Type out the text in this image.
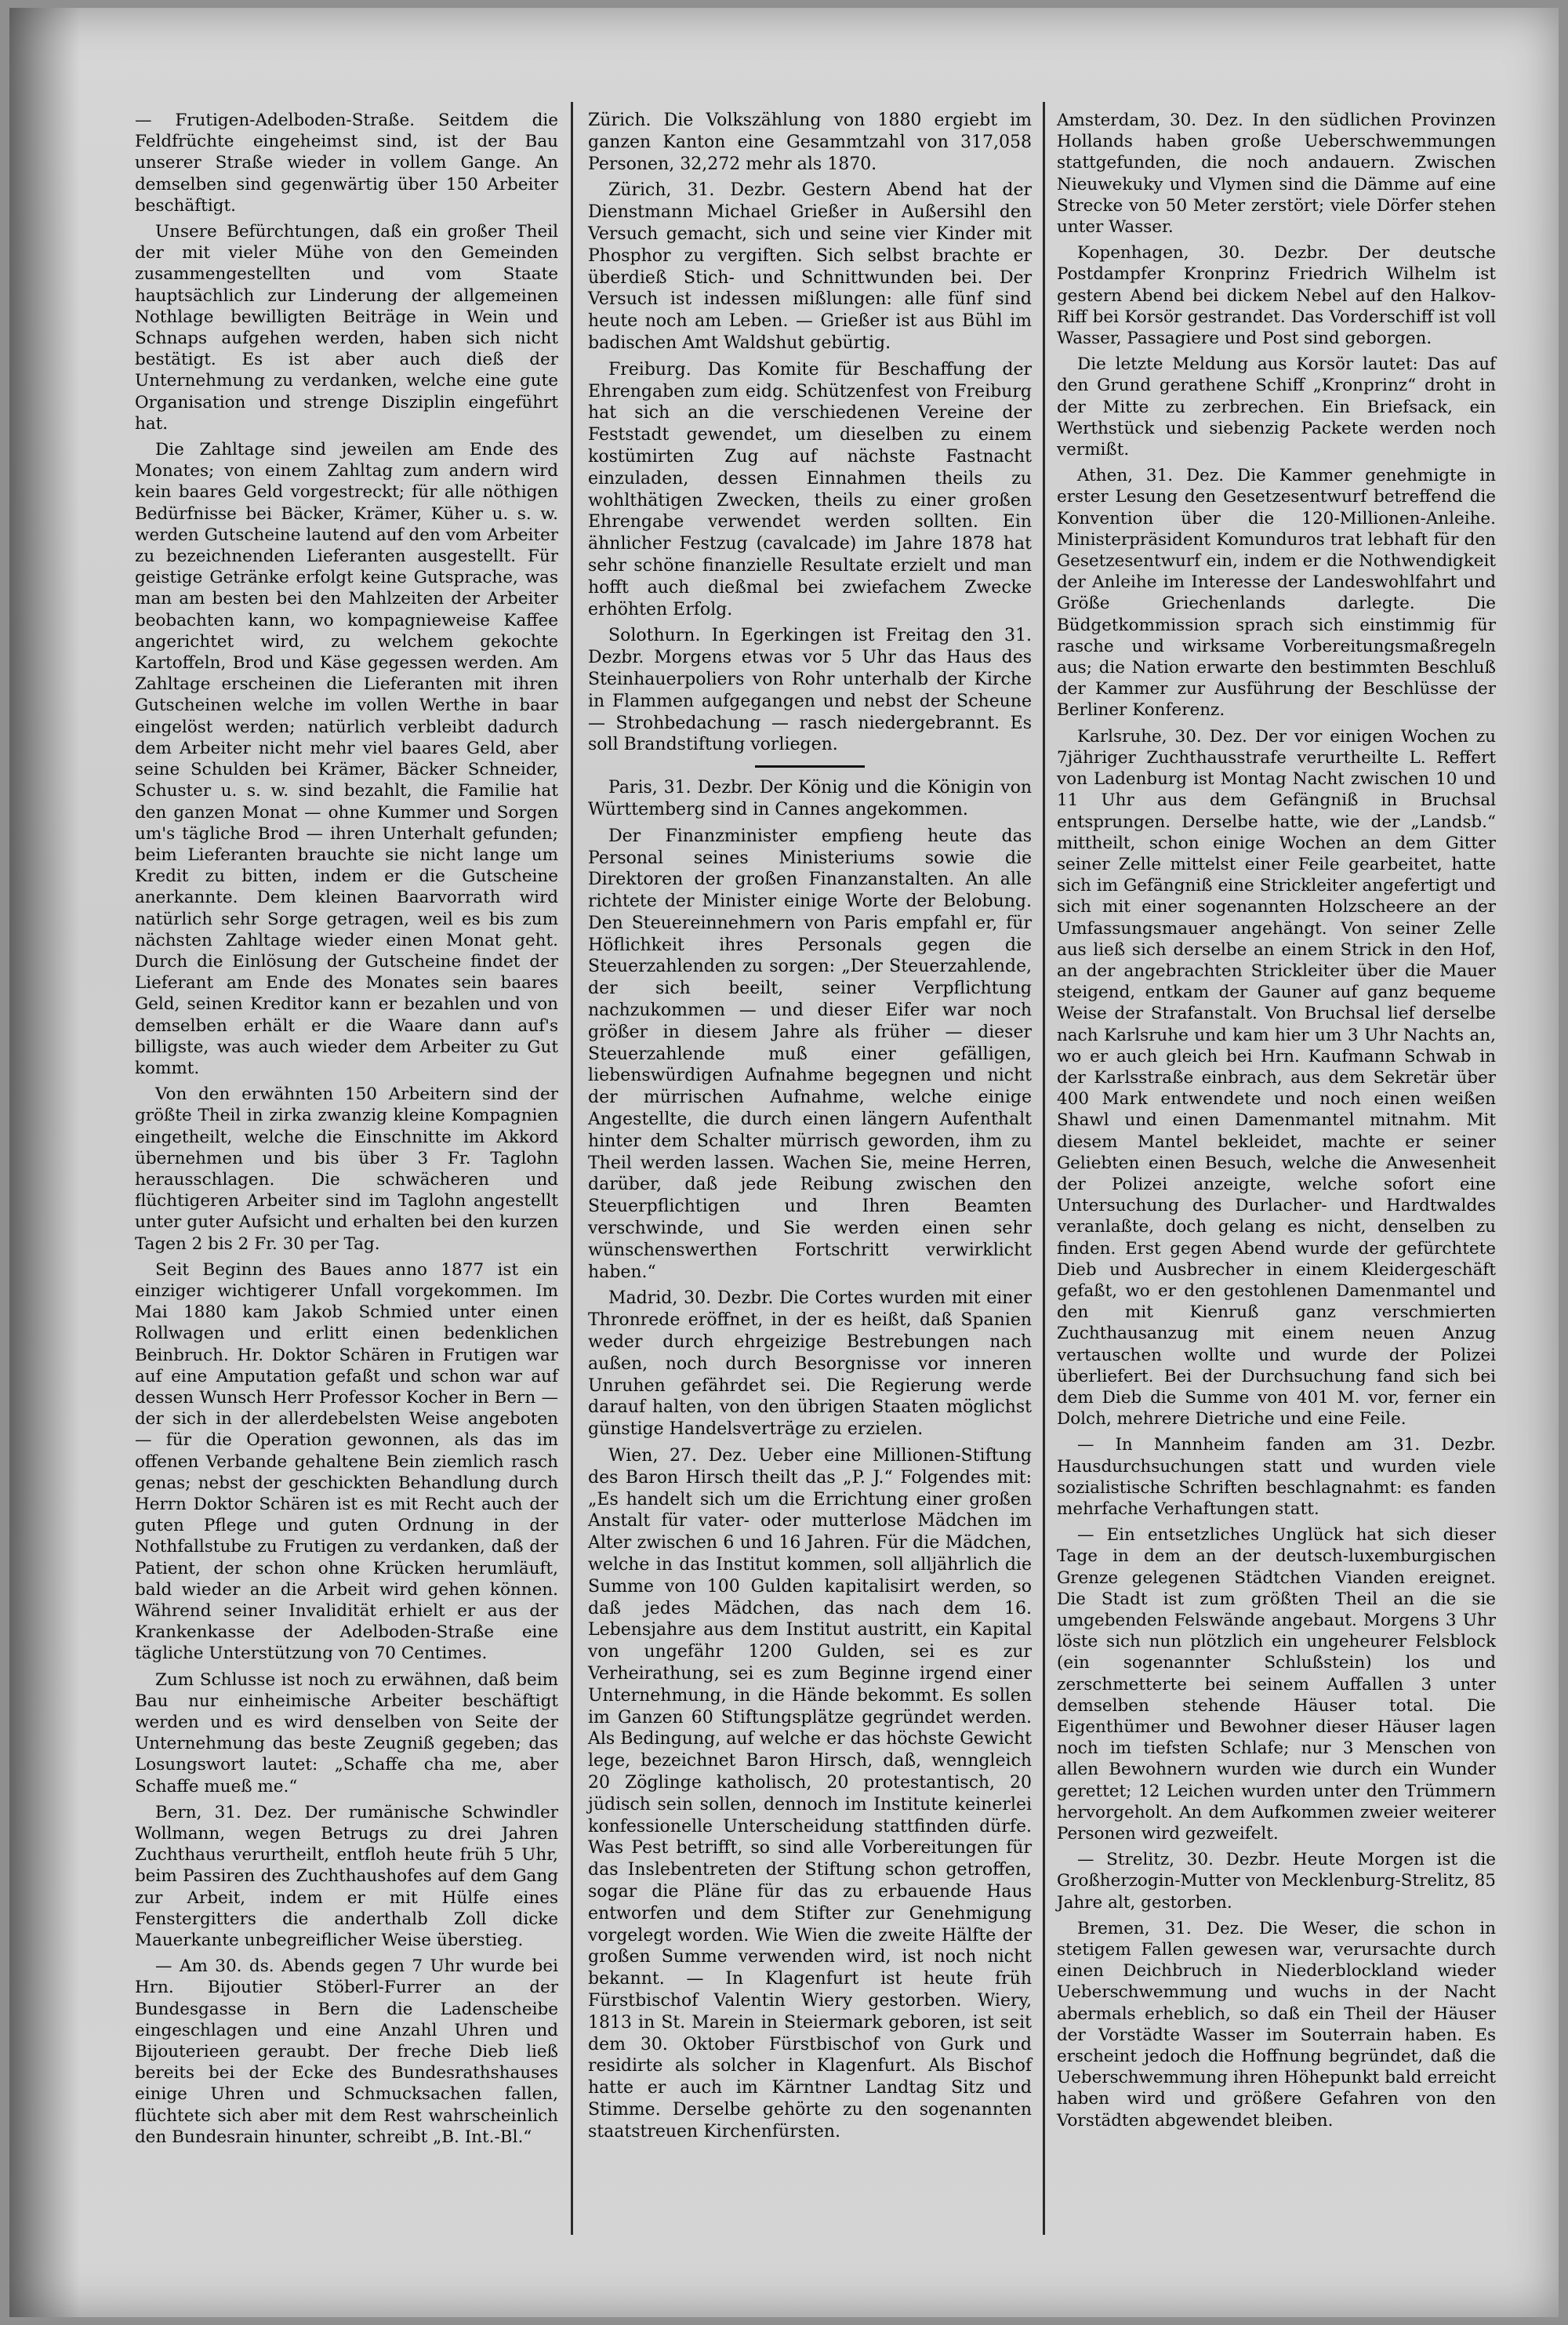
— Frutigen-Adelboden-Straße. Seitdem die Feldfrüchte eingeheimst sind, ist der Bau unserer Straße wieder in vollem Gange. An demselben sind gegenwärtig über 150 Arbeiter beschäftigt.

Unsere Befürchtungen, daß ein großer Theil der mit vieler Mühe von den Gemeinden zusammengestellten und vom Staate hauptsächlich zur Linderung der allgemeinen Nothlage bewilligten Beiträge in Wein und Schnaps aufgehen werden, haben sich nicht bestätigt. Es ist aber auch dieß der Unternehmung zu verdanken, welche eine gute Organisation und strenge Disziplin eingeführt hat.

Die Zahltage sind jeweilen am Ende des Monates; von einem Zahltag zum andern wird kein baares Geld vorgestreckt; für alle nöthigen Bedürfnisse bei Bäcker, Krämer, Küher u. s. w. werden Gutscheine lautend auf den vom Arbeiter zu bezeichnenden Lieferanten ausgestellt. Für geistige Getränke erfolgt keine Gutsprache, was man am besten bei den Mahlzeiten der Arbeiter beobachten kann, wo kompagnieweise Kaffee angerichtet wird, zu welchem gekochte Kartoffeln, Brod und Käse gegessen werden. Am Zahltage erscheinen die Lieferanten mit ihren Gutscheinen welche im vollen Werthe in baar eingelöst werden; natürlich verbleibt dadurch dem Arbeiter nicht mehr viel baares Geld, aber seine Schulden bei Krämer, Bäcker Schneider, Schuster u. s. w. sind bezahlt, die Familie hat den ganzen Monat — ohne Kummer und Sorgen um's tägliche Brod — ihren Unterhalt gefunden; beim Lieferanten brauchte sie nicht lange um Kredit zu bitten, indem er die Gutscheine anerkannte. Dem kleinen Baarvorrath wird natürlich sehr Sorge getragen, weil es bis zum nächsten Zahltage wieder einen Monat geht. Durch die Einlösung der Gutscheine findet der Lieferant am Ende des Monates sein baares Geld, seinen Kreditor kann er bezahlen und von demselben erhält er die Waare dann auf's billigste, was auch wieder dem Arbeiter zu Gut kommt.

Von den erwähnten 150 Arbeitern sind der größte Theil in zirka zwanzig kleine Kompagnien eingetheilt, welche die Einschnitte im Akkord übernehmen und bis über 3 Fr. Taglohn herausschlagen. Die schwächeren und flüchtigeren Arbeiter sind im Taglohn angestellt unter guter Aufsicht und erhalten bei den kurzen Tagen 2 bis 2 Fr. 30 per Tag.

Seit Beginn des Baues anno 1877 ist ein einziger wichtigerer Unfall vorgekommen. Im Mai 1880 kam Jakob Schmied unter einen Rollwagen und erlitt einen bedenklichen Beinbruch. Hr. Doktor Schären in Frutigen war auf eine Amputation gefaßt und schon war auf dessen Wunsch Herr Professor Kocher in Bern — der sich in der allerdebelsten Weise angeboten — für die Operation gewonnen, als das im offenen Verbande gehaltene Bein ziemlich rasch genas; nebst der geschickten Behandlung durch Herrn Doktor Schären ist es mit Recht auch der guten Pflege und guten Ordnung in der Nothfallstube zu Frutigen zu verdanken, daß der Patient, der schon ohne Krücken herumläuft, bald wieder an die Arbeit wird gehen können. Während seiner Invalidität erhielt er aus der Krankenkasse der Adelboden-Straße eine tägliche Unterstützung von 70 Centimes.

Zum Schlusse ist noch zu erwähnen, daß beim Bau nur einheimische Arbeiter beschäftigt werden und es wird denselben von Seite der Unternehmung das beste Zeugniß gegeben; das Losungswort lautet: „Schaffe cha me, aber Schaffe mueß me.“

Bern, 31. Dez. Der rumänische Schwindler Wollmann, wegen Betrugs zu drei Jahren Zuchthaus verurtheilt, entfloh heute früh 5 Uhr, beim Passiren des Zuchthaushofes auf dem Gang zur Arbeit, indem er mit Hülfe eines Fenstergitters die anderthalb Zoll dicke Mauerkante unbegreiflicher Weise überstieg.

— Am 30. ds. Abends gegen 7 Uhr wurde bei Hrn. Bijoutier Stöberl-Furrer an der Bundesgasse in Bern die Ladenscheibe eingeschlagen und eine Anzahl Uhren und Bijouterieen geraubt. Der freche Dieb ließ bereits bei der Ecke des Bundesrathshauses einige Uhren und Schmucksachen fallen, flüchtete sich aber mit dem Rest wahrscheinlich den Bundesrain hinunter, schreibt „B. Int.-Bl.“

Zürich. Die Volkszählung von 1880 ergiebt im ganzen Kanton eine Gesammtzahl von 317,058 Personen, 32,272 mehr als 1870.

Zürich, 31. Dezbr. Gestern Abend hat der Dienstmann Michael Grießer in Außersihl den Versuch gemacht, sich und seine vier Kinder mit Phosphor zu vergiften. Sich selbst brachte er überdieß Stich- und Schnittwunden bei. Der Versuch ist indessen mißlungen: alle fünf sind heute noch am Leben. — Grießer ist aus Bühl im badischen Amt Waldshut gebürtig.

Freiburg. Das Komite für Beschaffung der Ehrengaben zum eidg. Schützenfest von Freiburg hat sich an die verschiedenen Vereine der Feststadt gewendet, um dieselben zu einem kostümirten Zug auf nächste Fastnacht einzuladen, dessen Einnahmen theils zu wohlthätigen Zwecken, theils zu einer großen Ehrengabe verwendet werden sollten. Ein ähnlicher Festzug (cavalcade) im Jahre 1878 hat sehr schöne finanzielle Resultate erzielt und man hofft auch dießmal bei zwiefachem Zwecke erhöhten Erfolg.

Solothurn. In Egerkingen ist Freitag den 31. Dezbr. Morgens etwas vor 5 Uhr das Haus des Steinhauerpoliers von Rohr unterhalb der Kirche in Flammen aufgegangen und nebst der Scheune — Strohbedachung — rasch niedergebrannt. Es soll Brandstiftung vorliegen.

Paris, 31. Dezbr. Der König und die Königin von Württemberg sind in Cannes angekommen.

Der Finanzminister empfieng heute das Personal seines Ministeriums sowie die Direktoren der großen Finanzanstalten. An alle richtete der Minister einige Worte der Belobung. Den Steuereinnehmern von Paris empfahl er, für Höflichkeit ihres Personals gegen die Steuerzahlenden zu sorgen: „Der Steuerzahlende, der sich beeilt, seiner Verpflichtung nachzukommen — und dieser Eifer war noch größer in diesem Jahre als früher — dieser Steuerzahlende muß einer gefälligen, liebenswürdigen Aufnahme begegnen und nicht der mürrischen Aufnahme, welche einige Angestellte, die durch einen längern Aufenthalt hinter dem Schalter mürrisch geworden, ihm zu Theil werden lassen. Wachen Sie, meine Herren, darüber, daß jede Reibung zwischen den Steuerpflichtigen und Ihren Beamten verschwinde, und Sie werden einen sehr wünschenswerthen Fortschritt verwirklicht haben.“

Madrid, 30. Dezbr. Die Cortes wurden mit einer Thronrede eröffnet, in der es heißt, daß Spanien weder durch ehrgeizige Bestrebungen nach außen, noch durch Besorgnisse vor inneren Unruhen gefährdet sei. Die Regierung werde darauf halten, von den übrigen Staaten möglichst günstige Handelsverträge zu erzielen.

Wien, 27. Dez. Ueber eine Millionen-Stiftung des Baron Hirsch theilt das „P. J.“ Folgendes mit: „Es handelt sich um die Errichtung einer großen Anstalt für vater- oder mutterlose Mädchen im Alter zwischen 6 und 16 Jahren. Für die Mädchen, welche in das Institut kommen, soll alljährlich die Summe von 100 Gulden kapitalisirt werden, so daß jedes Mädchen, das nach dem 16. Lebensjahre aus dem Institut austritt, ein Kapital von ungefähr 1200 Gulden, sei es zur Verheirathung, sei es zum Beginne irgend einer Unternehmung, in die Hände bekommt. Es sollen im Ganzen 60 Stiftungsplätze gegründet werden. Als Bedingung, auf welche er das höchste Gewicht lege, bezeichnet Baron Hirsch, daß, wenngleich 20 Zöglinge katholisch, 20 protestantisch, 20 jüdisch sein sollen, dennoch im Institute keinerlei konfessionelle Unterscheidung stattfinden dürfe. Was Pest betrifft, so sind alle Vorbereitungen für das Inslebentreten der Stiftung schon getroffen, sogar die Pläne für das zu erbauende Haus entworfen und dem Stifter zur Genehmigung vorgelegt worden. Wie Wien die zweite Hälfte der großen Summe verwenden wird, ist noch nicht bekannt. — In Klagenfurt ist heute früh Fürstbischof Valentin Wiery gestorben. Wiery, 1813 in St. Marein in Steiermark geboren, ist seit dem 30. Oktober Fürstbischof von Gurk und residirte als solcher in Klagenfurt. Als Bischof hatte er auch im Kärntner Landtag Sitz und Stimme. Derselbe gehörte zu den sogenannten staatstreuen Kirchenfürsten.

Amsterdam, 30. Dez. In den südlichen Provinzen Hollands haben große Ueberschwemmungen stattgefunden, die noch andauern. Zwischen Nieuwekuky und Vlymen sind die Dämme auf eine Strecke von 50 Meter zerstört; viele Dörfer stehen unter Wasser.

Kopenhagen, 30. Dezbr. Der deutsche Postdampfer Kronprinz Friedrich Wilhelm ist gestern Abend bei dickem Nebel auf den Halkov-Riff bei Korsör gestrandet. Das Vorderschiff ist voll Wasser, Passagiere und Post sind geborgen.

Die letzte Meldung aus Korsör lautet: Das auf den Grund gerathene Schiff „Kronprinz“ droht in der Mitte zu zerbrechen. Ein Briefsack, ein Werthstück und siebenzig Packete werden noch vermißt.

Athen, 31. Dez. Die Kammer genehmigte in erster Lesung den Gesetzesentwurf betreffend die Konvention über die 120-Millionen-Anleihe. Ministerpräsident Komunduros trat lebhaft für den Gesetzesentwurf ein, indem er die Nothwendigkeit der Anleihe im Interesse der Landeswohlfahrt und Größe Griechenlands darlegte. Die Büdgetkommission sprach sich einstimmig für rasche und wirksame Vorbereitungsmaßregeln aus; die Nation erwarte den bestimmten Beschluß der Kammer zur Ausführung der Beschlüsse der Berliner Konferenz.

Karlsruhe, 30. Dez. Der vor einigen Wochen zu 7jähriger Zuchthausstrafe verurtheilte L. Reffert von Ladenburg ist Montag Nacht zwischen 10 und 11 Uhr aus dem Gefängniß in Bruchsal entsprungen. Derselbe hatte, wie der „Landsb.“ mittheilt, schon einige Wochen an dem Gitter seiner Zelle mittelst einer Feile gearbeitet, hatte sich im Gefängniß eine Strickleiter angefertigt und sich mit einer sogenannten Holzscheere an der Umfassungsmauer angehängt. Von seiner Zelle aus ließ sich derselbe an einem Strick in den Hof, an der angebrachten Strickleiter über die Mauer steigend, entkam der Gauner auf ganz bequeme Weise der Strafanstalt. Von Bruchsal lief derselbe nach Karlsruhe und kam hier um 3 Uhr Nachts an, wo er auch gleich bei Hrn. Kaufmann Schwab in der Karlsstraße einbrach, aus dem Sekretär über 400 Mark entwendete und noch einen weißen Shawl und einen Damenmantel mitnahm. Mit diesem Mantel bekleidet, machte er seiner Geliebten einen Besuch, welche die Anwesenheit der Polizei anzeigte, welche sofort eine Untersuchung des Durlacher- und Hardtwaldes veranlaßte, doch gelang es nicht, denselben zu finden. Erst gegen Abend wurde der gefürchtete Dieb und Ausbrecher in einem Kleidergeschäft gefaßt, wo er den gestohlenen Damenmantel und den mit Kienruß ganz verschmierten Zuchthausanzug mit einem neuen Anzug vertauschen wollte und wurde der Polizei überliefert. Bei der Durchsuchung fand sich bei dem Dieb die Summe von 401 M. vor, ferner ein Dolch, mehrere Dietriche und eine Feile.

— In Mannheim fanden am 31. Dezbr. Hausdurchsuchungen statt und wurden viele sozialistische Schriften beschlagnahmt: es fanden mehrfache Verhaftungen statt.

— Ein entsetzliches Unglück hat sich dieser Tage in dem an der deutsch-luxemburgischen Grenze gelegenen Städtchen Vianden ereignet. Die Stadt ist zum größten Theil an die sie umgebenden Felswände angebaut. Morgens 3 Uhr löste sich nun plötzlich ein ungeheurer Felsblock (ein sogenannter Schlußstein) los und zerschmetterte bei seinem Auffallen 3 unter demselben stehende Häuser total. Die Eigenthümer und Bewohner dieser Häuser lagen noch im tiefsten Schlafe; nur 3 Menschen von allen Bewohnern wurden wie durch ein Wunder gerettet; 12 Leichen wurden unter den Trümmern hervorgeholt. An dem Aufkommen zweier weiterer Personen wird gezweifelt.

— Strelitz, 30. Dezbr. Heute Morgen ist die Großherzogin-Mutter von Mecklenburg-Strelitz, 85 Jahre alt, gestorben.

Bremen, 31. Dez. Die Weser, die schon in stetigem Fallen gewesen war, verursachte durch einen Deichbruch in Niederblockland wieder Ueberschwemmung und wuchs in der Nacht abermals erheblich, so daß ein Theil der Häuser der Vorstädte Wasser im Souterrain haben. Es erscheint jedoch die Hoffnung begründet, daß die Ueberschwemmung ihren Höhepunkt bald erreicht haben wird und größere Gefahren von den Vorstädten abgewendet bleiben.
